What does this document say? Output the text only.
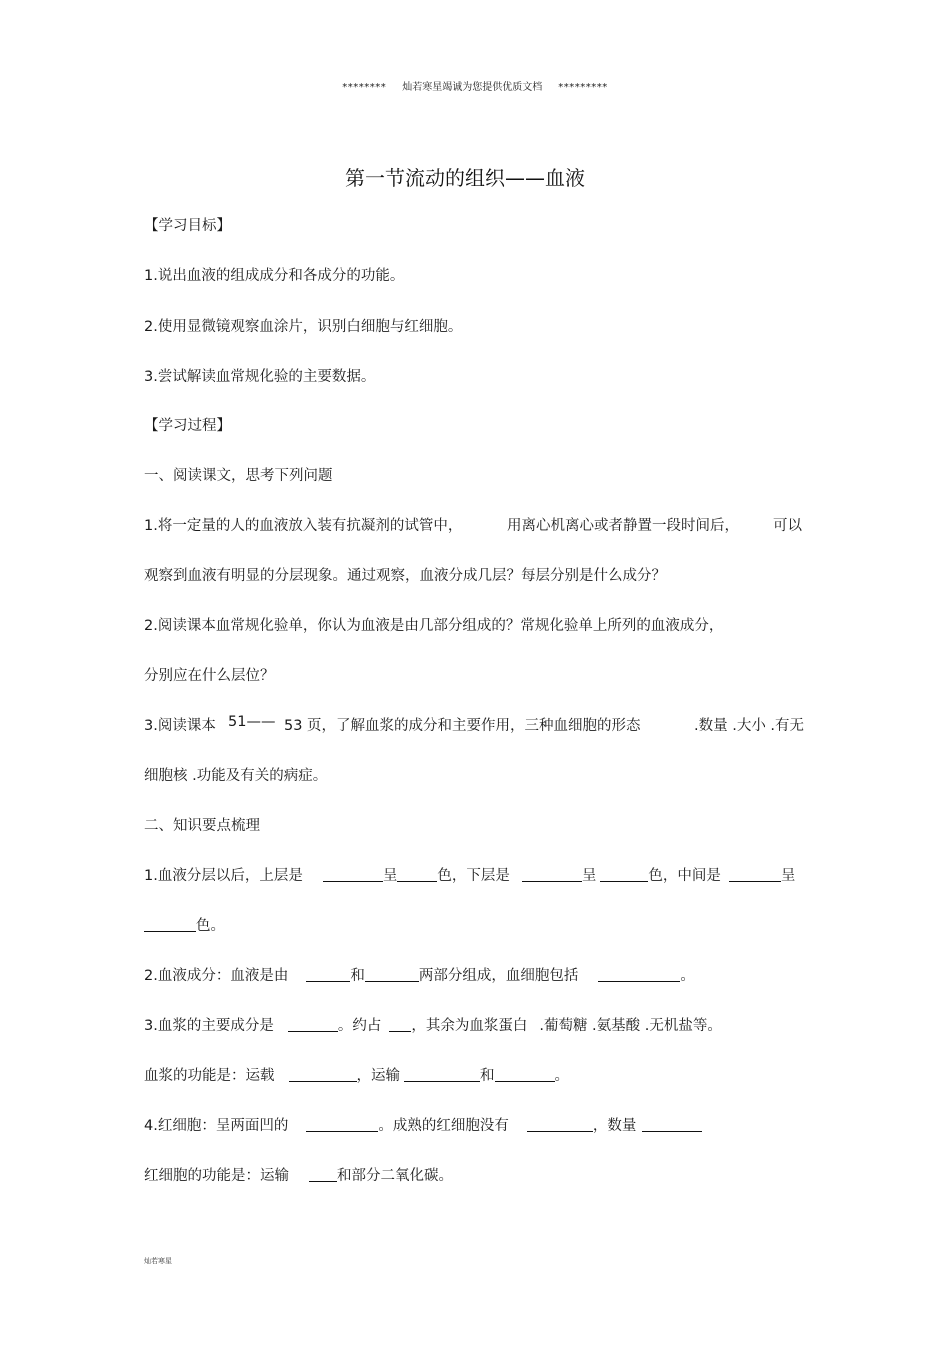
******** 灿若寒星竭诚为您提供优质文档 *********
第一节流动的组织——血液
【学习目标】
1.说出血液的组成成分和各成分的功能。
2.使用显微镜观察血涂片，识别白细胞与红细胞。
3.尝试解读血常规化验的主要数据。
【学习过程】
一、阅读课文，思考下列问题
1.将一定量的人的血液放入装有抗凝剂的试管中，	用离心机离心或者静置一段时间后， 可以
观察到血液有明显的分层现象。通过观察，血液分成几层？每层分别是什么成分？
2.阅读课本血常规化验单，你认为血液是由几部分组成的？常规化验单上所列的血液成分，
分别应在什么层位？
3.阅读课本 51—— 53 页，了解血浆的成分和主要作用，三种血细胞的形态	.数量 .大小 .有无
细胞核 .功能及有关的病症。
二、知识要点梳理
1.血液分层以后，上层是	呈	色，下层是	呈	色，中间是	呈
色。
2.血液成分：血液是由	和	两部分组成，血细胞包括	。
3.血浆的主要成分是	。约占 ，其余为血浆蛋白 .葡萄糖 .氨基酸 .无机盐等。
血浆的功能是：运载	，运输	和	。
4.红细胞：呈两面凹的	。成熟的红细胞没有	，数量
红细胞的功能是：运输	和部分二氧化碳。
灿若寒星
